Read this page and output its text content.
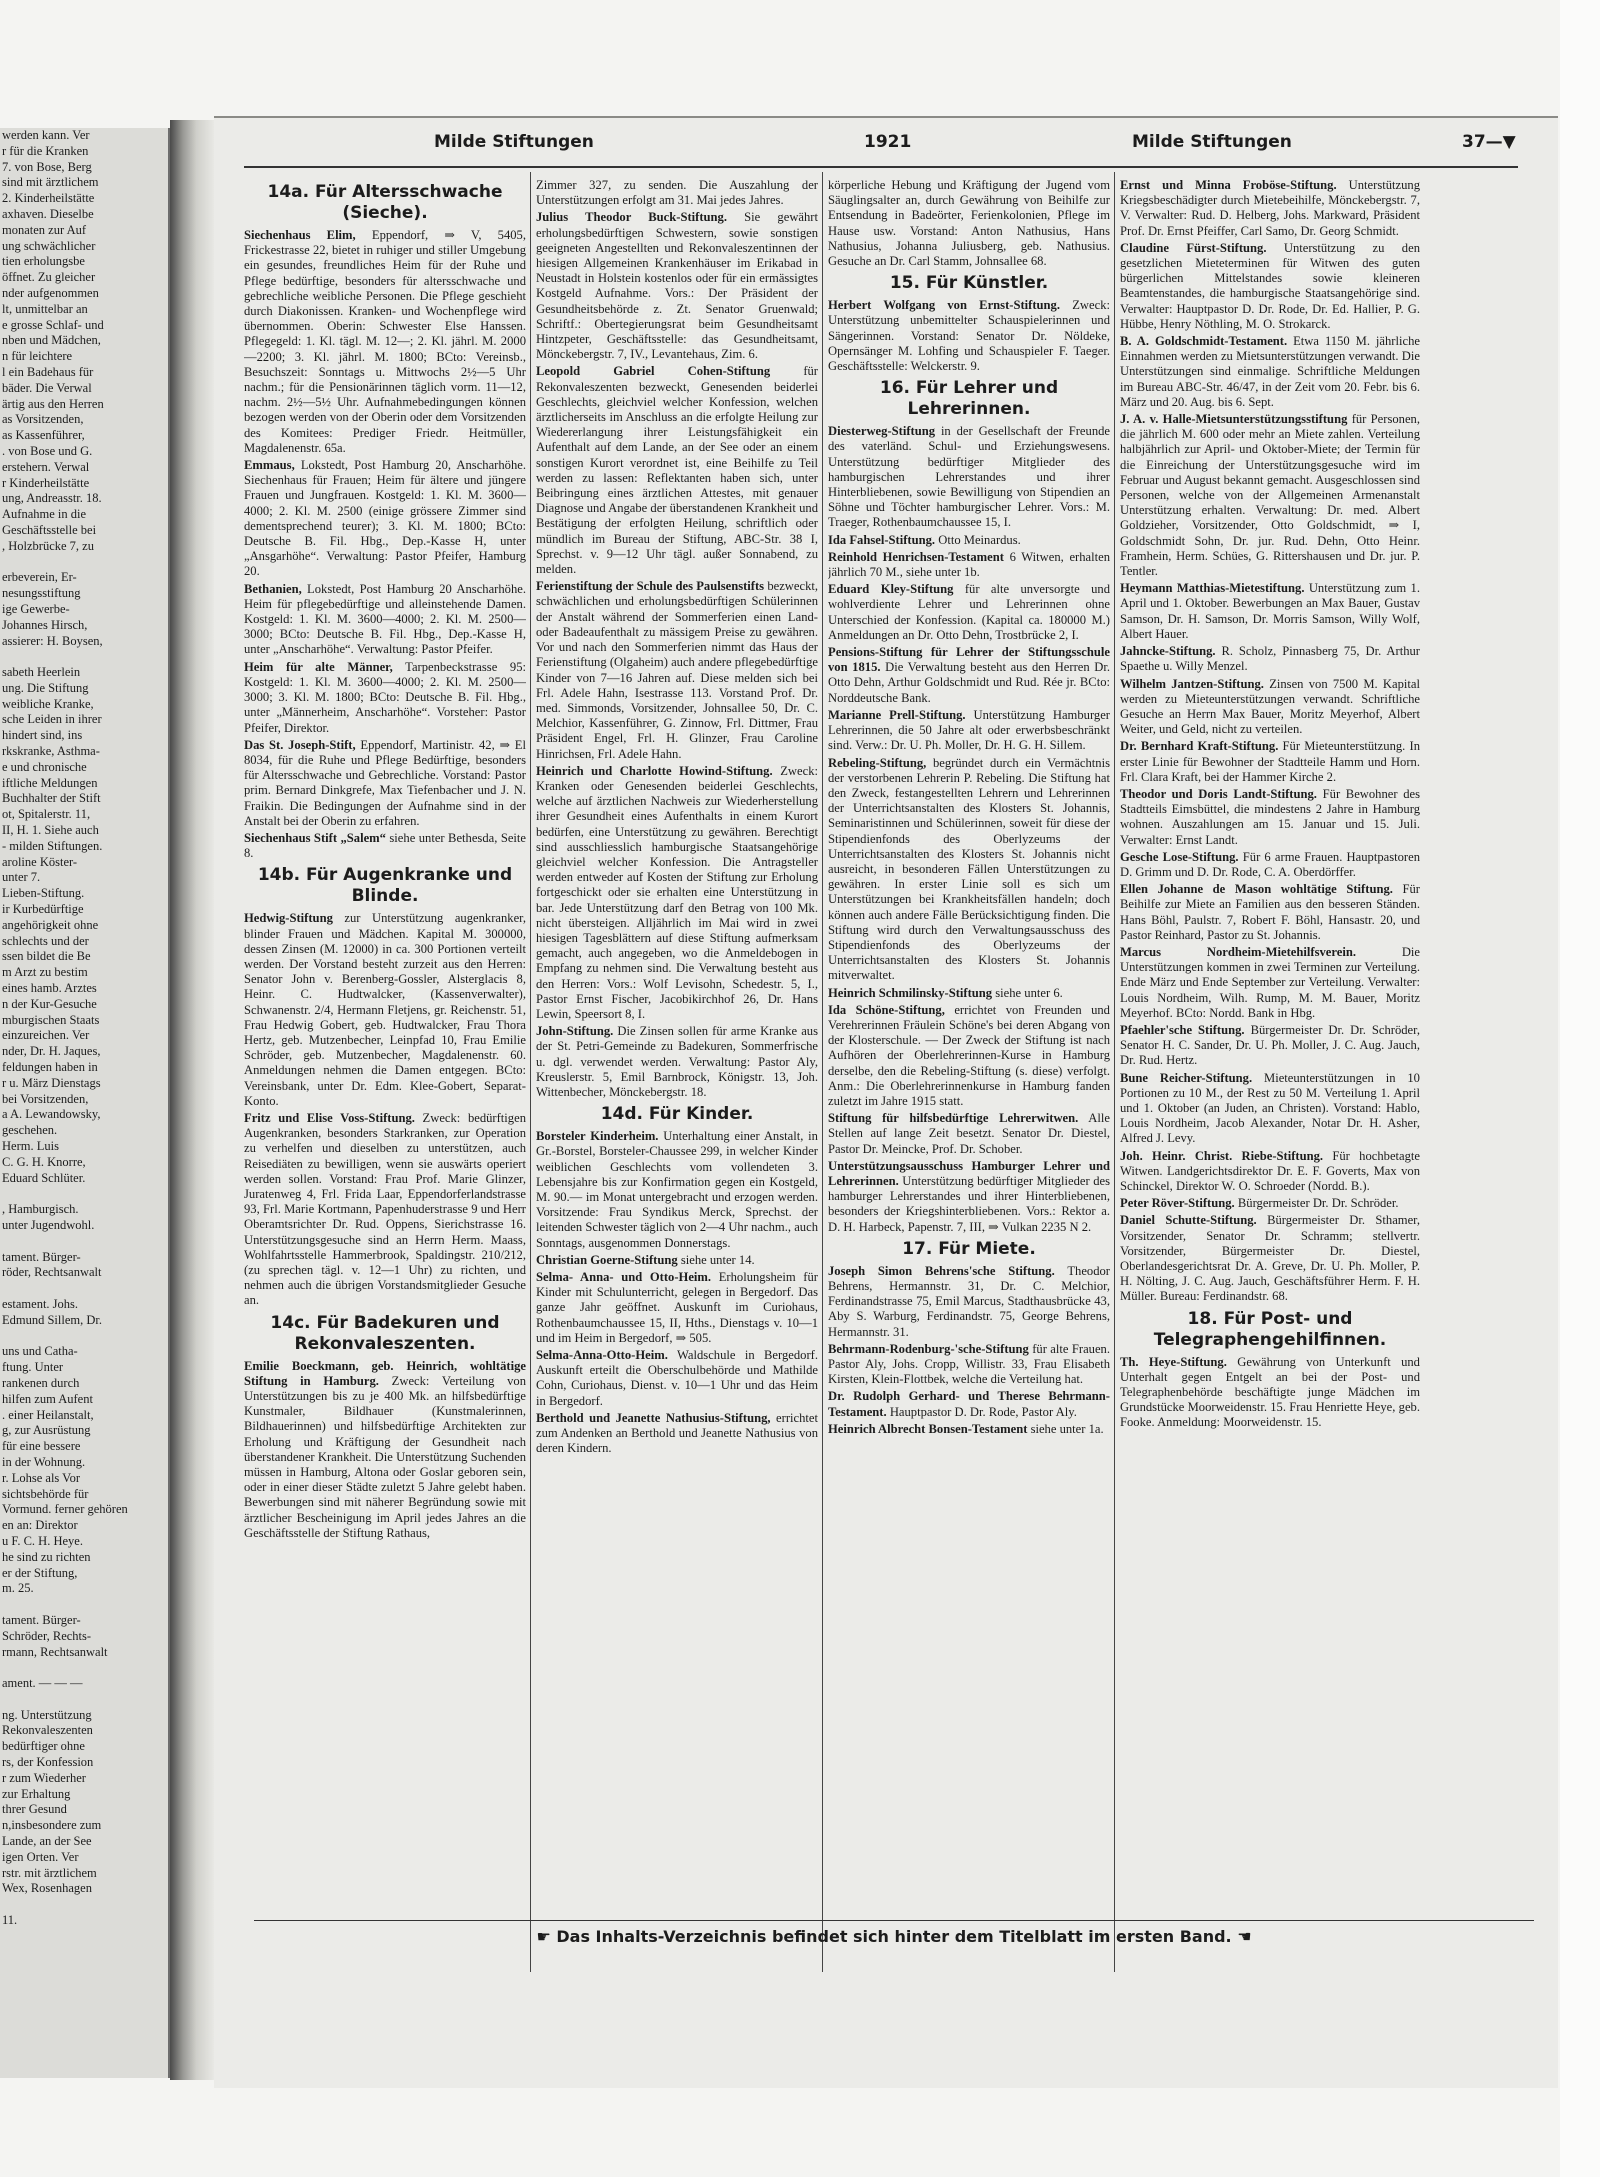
werden kann. Ver
r für die Kranken
7. von Bose, Berg
sind mit ärztlichem
2. Kinderheilstätte
axhaven. Dieselbe
monaten zur Auf
ung schwächlicher
tien erholungsbe
öffnet. Zu gleicher
nder aufgenommen
lt, unmittelbar an
e grosse Schlaf- und
nben und Mädchen,
n für leichtere
l ein Badehaus für
bäder. Die Verwal
ärtig aus den Herren
as Vorsitzenden,
as Kassenführer,
. von Bose und G.
erstehern. Verwal
r Kinderheilstätte
ung, Andreasstr. 18.
Aufnahme in die
Geschäftsstelle bei
, Holzbrücke 7, zu

erbeverein, Er-
nesungsstiftung
ige Gewerbe-
Johannes Hirsch,
assierer: H. Boysen,

sabeth Heerlein
ung. Die Stiftung
weibliche Kranke,
sche Leiden in ihrer
hindert sind, ins
rkskranke, Asthma-
e und chronische
iftliche Meldungen
Buchhalter der Stift
ot, Spitalerstr. 11,
II, H. 1. Siehe auch
- milden Stiftungen.
aroline Köster-
unter 7.
Lieben-Stiftung.
ir Kurbedürftige
angehörigkeit ohne
schlechts und der
ssen bildet die Be
m Arzt zu bestim
eines hamb. Arztes
n der Kur-Gesuche
mburgischen Staats
einzureichen. Ver
nder, Dr. H. Jaques,
feldungen haben in
r u. März Dienstags
bei Vorsitzenden,
a A. Lewandowsky,
geschehen.
Herm. Luis
C. G. H. Knorre,
Eduard Schlüter.

, Hamburgisch.
unter Jugendwohl.

tament. Bürger-
röder, Rechtsanwalt

estament. Johs.
Edmund Sillem, Dr.

uns und Catha-
ftung. Unter
rankenen durch
hilfen zum Aufent
. einer Heilanstalt,
g, zur Ausrüstung
für eine bessere
in der Wohnung.
r. Lohse als Vor
sichtsbehörde für
Vormund. ferner gehören
en an: Direktor
u F. C. H. Heye.
he sind zu richten
er der Stiftung,
m. 25.

tament. Bürger-
Schröder, Rechts-
rmann, Rechtsanwalt

ament. — — —

ng. Unterstützung
Rekonvaleszenten
bedürftiger ohne
rs, der Konfession
r zum Wiederher
zur Erhaltung
threr Gesund
n,insbesondere zum
Lande, an der See
igen Orten. Ver
rstr. mit ärztlichem
Wex, Rosenhagen

11.
Milde Stiftungen	1921	Milde Stiftungen	37—▼
14a. Für Altersschwache (Sieche).

Siechenhaus Elim, Eppendorf, ⇒ V, 5405, Frickestrasse 22, bietet in ruhiger und stiller Umgebung ein gesundes, freundliches Heim für der Ruhe und Pflege bedürftige, besonders für altersschwache und gebrechliche weibliche Personen. Die Pflege geschieht durch Diakonissen. Kranken- und Wochenpflege wird übernommen. Oberin: Schwester Else Hanssen. Pflegegeld: 1. Kl. tägl. M. 12—; 2. Kl. jährl. M. 2000—2200; 3. Kl. jährl. M. 1800; BCto: Vereinsb., Besuchszeit: Sonntags u. Mittwochs 2½—5 Uhr nachm.; für die Pensionärinnen täglich vorm. 11—12, nachm. 2½—5½ Uhr. Aufnahmebedingungen können bezogen werden von der Oberin oder dem Vorsitzenden des Komitees: Prediger Friedr. Heitmüller, Magdalenenstr. 65a.

Emmaus, Lokstedt, Post Hamburg 20, Anscharhöhe. Siechenhaus für Frauen; Heim für ältere und jüngere Frauen und Jungfrauen. Kostgeld: 1. Kl. M. 3600—4000; 2. Kl. M. 2500 (einige grössere Zimmer sind dementsprechend teurer); 3. Kl. M. 1800; BCto: Deutsche B. Fil. Hbg., Dep.-Kasse H, unter „Ansgarhöhe“. Verwaltung: Pastor Pfeifer, Hamburg 20.

Bethanien, Lokstedt, Post Hamburg 20 Anscharhöhe. Heim für pflegebedürftige und alleinstehende Damen. Kostgeld: 1. Kl. M. 3600—4000; 2. Kl. M. 2500—3000; BCto: Deutsche B. Fil. Hbg., Dep.-Kasse H, unter „Anscharhöhe“. Verwaltung: Pastor Pfeifer.

Heim für alte Männer, Tarpenbeckstrasse 95: Kostgeld: 1. Kl. M. 3600—4000; 2. Kl. M. 2500—3000; 3. Kl. M. 1800; BCto: Deutsche B. Fil. Hbg., unter „Männerheim, Anscharhöhe“. Vorsteher: Pastor Pfeifer, Direktor.

Das St. Joseph-Stift, Eppendorf, Martinistr. 42, ⇒ El 8034, für die Ruhe und Pflege Bedürftige, besonders für Altersschwache und Gebrechliche. Vorstand: Pastor prim. Bernard Dinkgrefe, Max Tiefenbacher und J. N. Fraikin. Die Bedingungen der Aufnahme sind in der Anstalt bei der Oberin zu erfahren.

Siechenhaus Stift „Salem“ siehe unter Bethesda, Seite 8.

14b. Für Augenkranke und Blinde.

Hedwig-Stiftung zur Unterstützung augenkranker, blinder Frauen und Mädchen. Kapital M. 300000, dessen Zinsen (M. 12000) in ca. 300 Portionen verteilt werden. Der Vorstand besteht zurzeit aus den Herren: Senator John v. Berenberg-Gossler, Alsterglacis 8, Heinr. C. Hudtwalcker, (Kassenverwalter), Schwanenstr. 2/4, Hermann Fletjens, gr. Reichenstr. 51, Frau Hedwig Gobert, geb. Hudtwalcker, Frau Thora Hertz, geb. Mutzenbecher, Leinpfad 10, Frau Emilie Schröder, geb. Mutzenbecher, Magdalenenstr. 60. Anmeldungen nehmen die Damen entgegen. BCto: Vereinsbank, unter Dr. Edm. Klee-Gobert, Separat-Konto.

Fritz und Elise Voss-Stiftung. Zweck: bedürftigen Augenkranken, besonders Starkranken, zur Operation zu verhelfen und dieselben zu unterstützen, auch Reisediäten zu bewilligen, wenn sie auswärts operiert werden sollen. Vorstand: Frau Prof. Marie Glinzer, Juratenweg 4, Frl. Frida Laar, Eppendorferlandstrasse 93, Frl. Marie Kortmann, Papenhuderstrasse 9 und Herr Oberamtsrichter Dr. Rud. Oppens, Sierichstrasse 16. Unterstützungsgesuche sind an Herrn Herm. Maass, Wohlfahrtsstelle Hammerbrook, Spaldingstr. 210/212, (zu sprechen tägl. v. 12—1 Uhr) zu richten, und nehmen auch die übrigen Vorstandsmitglieder Gesuche an.

14c. Für Badekuren und Rekonvaleszenten.

Emilie Boeckmann, geb. Heinrich, wohltätige Stiftung in Hamburg. Zweck: Verteilung von Unterstützungen bis zu je 400 Mk. an hilfsbedürftige Kunstmaler, Bildhauer (Kunstmalerinnen, Bildhauerinnen) und hilfsbedürftige Architekten zur Erholung und Kräftigung der Gesundheit nach überstandener Krankheit. Die Unterstützung Suchenden müssen in Hamburg, Altona oder Goslar geboren sein, oder in einer dieser Städte zuletzt 5 Jahre gelebt haben. Bewerbungen sind mit näherer Begründung sowie mit ärztlicher Bescheinigung im April jedes Jahres an die Geschäftsstelle der Stiftung Rathaus,

Zimmer 327, zu senden. Die Auszahlung der Unterstützungen erfolgt am 31. Mai jedes Jahres.

Julius Theodor Buck-Stiftung. Sie gewährt erholungsbedürftigen Schwestern, sowie sonstigen geeigneten Angestellten und Rekonvaleszentinnen der hiesigen Allgemeinen Krankenhäuser im Erikabad in Neustadt in Holstein kostenlos oder für ein ermässigtes Kostgeld Aufnahme. Vors.: Der Präsident der Gesundheitsbehörde z. Zt. Senator Gruenwald; Schriftf.: Obertegierungsrat beim Gesundheitsamt Hintzpeter, Geschäftsstelle: das Gesundheitsamt, Mönckebergstr. 7, IV., Levantehaus, Zim. 6.

Leopold Gabriel Cohen-Stiftung	für Rekonvaleszenten bezweckt, Genesenden beiderlei Geschlechts, gleichviel welcher Konfession, welchen ärztlicherseits im Anschluss an die erfolgte Heilung zur Wiedererlangung ihrer Leistungsfähigkeit ein Aufenthalt auf dem Lande, an der See oder an einem sonstigen Kurort verordnet ist, eine Beihilfe zu Teil werden zu lassen: Reflektanten haben sich, unter Beibringung eines ärztlichen Attestes, mit genauer Diagnose und Angabe der überstandenen Krankheit und Bestätigung der erfolgten Heilung, schriftlich oder mündlich im Bureau der Stiftung, ABC-Str. 38 I, Sprechst. v. 9—12 Uhr tägl. außer Sonnabend, zu melden.

Ferienstiftung der Schule des Paulsenstifts bezweckt, schwächlichen und erholungsbedürftigen Schülerinnen der Anstalt während der Sommerferien einen Land- oder Badeaufenthalt zu mässigem Preise zu gewähren. Vor und nach den Sommerferien nimmt das Haus der Ferienstiftung (Olgaheim) auch andere pflegebedürftige Kinder von 7—16 Jahren auf. Diese melden sich bei Frl. Adele Hahn, Isestrasse 113. Vorstand Prof. Dr. med. Simmonds, Vorsitzender, Johnsallee 50, Dr. C. Melchior, Kassenführer, G. Zinnow, Frl. Dittmer, Frau Präsident Engel, Frl. H. Glinzer, Frau Caroline Hinrichsen, Frl. Adele Hahn.

Heinrich und Charlotte Howind-Stiftung. Zweck: Kranken oder Genesenden beiderlei Geschlechts, welche auf ärztlichen Nachweis zur Wiederherstellung ihrer Gesundheit eines Aufenthalts in einem Kurort bedürfen, eine Unterstützung zu gewähren. Berechtigt sind ausschliesslich hamburgische Staatsangehörige gleichviel welcher Konfession. Die Antragsteller werden entweder auf Kosten der Stiftung zur Erholung fortgeschickt oder sie erhalten eine Unterstützung in bar. Jede Unterstützung darf den Betrag von 100 Mk. nicht übersteigen. Alljährlich im Mai wird in zwei hiesigen Tagesblättern auf diese Stiftung aufmerksam gemacht, auch angegeben, wo die Anmeldebogen in Empfang zu nehmen sind. Die Verwaltung besteht aus den Herren: Vors.: Wolf Levisohn, Schedestr. 5, I., Pastor Ernst Fischer, Jacobikirchhof 26, Dr. Hans Lewin, Speersort 8, I.

John-Stiftung. Die Zinsen sollen für arme Kranke aus der St. Petri-Gemeinde zu Badekuren, Sommerfrische u. dgl. verwendet werden. Verwaltung: Pastor Aly, Kreuslerstr. 5, Emil Barnbrock, Königstr. 13, Joh. Wittenbecher, Mönckebergstr. 18.

14d. Für Kinder.

Borsteler Kinderheim. Unterhaltung einer Anstalt, in Gr.-Borstel, Borsteler-Chaussee 299, in welcher Kinder weiblichen Geschlechts vom vollendeten 3. Lebensjahre bis zur Konfirmation gegen ein Kostgeld, M. 90.— im Monat untergebracht und erzogen werden. Vorsitzende: Frau Syndikus Merck, Sprechst. der leitenden Schwester täglich von 2—4 Uhr nachm., auch Sonntags, ausgenommen Donnerstags.

Christian Goerne-Stiftung siehe unter 14.

Selma- Anna- und Otto-Heim. Erholungsheim für Kinder mit Schulunterricht, gelegen in Bergedorf. Das ganze Jahr geöffnet. Auskunft im Curiohaus, Rothenbaumchaussee 15, II, Hths., Dienstags v. 10—1 und im Heim in Bergedorf, ⇒ 505.

Selma-Anna-Otto-Heim. Waldschule in Bergedorf. Auskunft erteilt die Oberschulbehörde und Mathilde Cohn, Curiohaus, Dienst. v. 10—1 Uhr und das Heim in Bergedorf.

Berthold und Jeanette Nathusius-Stiftung, errichtet zum Andenken an Berthold und Jeanette Nathusius von deren Kindern.

körperliche Hebung und Kräftigung der Jugend vom Säuglingsalter an, durch Gewährung von Beihilfe zur Entsendung in Badeörter, Ferienkolonien, Pflege im Hause usw. Vorstand: Anton Nathusius, Hans Nathusius, Johanna Juliusberg, geb. Nathusius. Gesuche an Dr. Carl Stamm, Johnsallee 68.

15. Für Künstler.

Herbert Wolfgang von Ernst-Stiftung. Zweck: Unterstützung unbemittelter Schauspielerinnen und Sängerinnen. Vorstand: Senator Dr. Nöldeke, Opernsänger M. Lohfing und Schauspieler F. Taeger. Geschäftsstelle: Welckerstr. 9.

16. Für Lehrer und Lehrerinnen.

Diesterweg-Stiftung in der Gesellschaft der Freunde des vaterländ. Schul- und Erziehungswesens. Unterstützung bedürftiger Mitglieder des hamburgischen Lehrerstandes und ihrer Hinterbliebenen, sowie Bewilligung von Stipendien an Söhne und Töchter hamburgischer Lehrer. Vors.: M. Traeger, Rothenbaumchaussee 15, I.

Ida Fahsel-Stiftung. Otto Meinardus.

Reinhold Henrichsen-Testament 6 Witwen, erhalten jährlich 70 M., siehe unter 1b.

Eduard Kley-Stiftung für alte unversorgte und wohlverdiente Lehrer und Lehrerinnen ohne Unterschied der Konfession. (Kapital ca. 180000 M.) Anmeldungen an Dr. Otto Dehn, Trostbrücke 2, I.

Pensions-Stiftung für Lehrer der Stiftungsschule von 1815. Die Verwaltung besteht aus den Herren Dr. Otto Dehn, Arthur Goldschmidt und Rud. Rée jr. BCto: Norddeutsche Bank.

Marianne Prell-Stiftung. Unterstützung Hamburger Lehrerinnen, die 50 Jahre alt oder erwerbsbeschränkt sind. Verw.: Dr. U. Ph. Moller, Dr. H. G. H. Sillem.

Rebeling-Stiftung, begründet durch ein Vermächtnis der verstorbenen Lehrerin P. Rebeling. Die Stiftung hat den Zweck, festangestellten Lehrern und Lehrerinnen der Unterrichtsanstalten des Klosters St. Johannis, Seminaristinnen und Schülerinnen, soweit für diese der Stipendienfonds des Oberlyzeums der Unterrichtsanstalten des Klosters St. Johannis nicht ausreicht, in besonderen Fällen Unterstützungen zu gewähren. In erster Linie soll es sich um Unterstützungen bei Krankheitsfällen handeln; doch können auch andere Fälle Berücksichtigung finden. Die Stiftung wird durch den Verwaltungsausschuss des Stipendienfonds des Oberlyzeums der Unterrichtsanstalten des Klosters St. Johannis mitverwaltet.

Heinrich Schmilinsky-Stiftung siehe unter 6.

Ida Schöne-Stiftung, errichtet von Freunden und Verehrerinnen Fräulein Schöne's bei deren Abgang von der Klosterschule. — Der Zweck der Stiftung ist nach Aufhören der Oberlehrerinnen-Kurse in Hamburg derselbe, den die Rebeling-Stiftung (s. diese) verfolgt. Anm.: Die Oberlehrerinnenkurse in Hamburg fanden zuletzt im Jahre 1915 statt.

Stiftung für hilfsbedürftige Lehrerwitwen. Alle Stellen auf lange Zeit besetzt. Senator Dr. Diestel, Pastor Dr. Meincke, Prof. Dr. Schober.

Unterstützungsausschuss Hamburger Lehrer und Lehrerinnen. Unterstützung bedürftiger Mitglieder des hamburger Lehrerstandes und ihrer Hinterbliebenen, besonders der Kriegshinterbliebenen. Vors.: Rektor a. D. H. Harbeck, Papenstr. 7, III, ⇒ Vulkan 2235 N 2.

17. Für Miete.

Joseph Simon Behrens'sche Stiftung. Theodor Behrens, Hermannstr. 31, Dr. C. Melchior, Ferdinandstrasse 75, Emil Marcus, Stadthausbrücke 43, Aby S. Warburg, Ferdinandstr. 75, George Behrens, Hermannstr. 31.

Behrmann-Rodenburg-'sche-Stiftung für alte Frauen. Pastor Aly, Johs. Cropp, Willistr. 33, Frau Elisabeth Kirsten, Klein-Flottbek, welche die Verteilung hat.

Dr. Rudolph Gerhard- und Therese Behrmann-Testament. Hauptpastor D. Dr. Rode, Pastor Aly.

Heinrich Albrecht Bonsen-Testament siehe unter 1a.

Ernst und Minna Froböse-Stiftung. Unterstützung Kriegsbeschädigter durch Mietebeihilfe, Mönckebergstr. 7, V. Verwalter: Rud. D. Helberg, Johs. Markward, Präsident Prof. Dr. Ernst Pfeiffer, Carl Samo, Dr. Georg Schmidt.

Claudine Fürst-Stiftung. Unterstützung zu den gesetzlichen Mieteterminen für Witwen des guten bürgerlichen Mittelstandes sowie kleineren Beamtenstandes, die hamburgische Staatsangehörige sind. Verwalter: Hauptpastor D. Dr. Rode, Dr. Ed. Hallier, P. G. Hübbe, Henry Nöthling, M. O. Strokarck.

B. A. Goldschmidt-Testament. Etwa 1150 M. jährliche Einnahmen werden zu Mietsunterstützungen verwandt. Die Unterstützungen sind einmalige. Schriftliche Meldungen im Bureau ABC-Str. 46/47, in der Zeit vom 20. Febr. bis 6. März und 20. Aug. bis 6. Sept.

J. A. v. Halle-Mietsunterstützungsstiftung für Personen, die jährlich M. 600 oder mehr an Miete zahlen. Verteilung halbjährlich zur April- und Oktober-Miete; der Termin für die Einreichung der Unterstützungsgesuche wird im Februar und August bekannt gemacht. Ausgeschlossen sind Personen, welche von der Allgemeinen Armenanstalt Unterstützung erhalten. Verwaltung: Dr. med. Albert Goldzieher, Vorsitzender, Otto Goldschmidt, ⇒ I, Goldschmidt Sohn, Dr. jur. Rud. Dehn, Otto Heinr. Framhein, Herm. Schües, G. Rittershausen und Dr. jur. P. Tentler.

Heymann Matthias-Mietestiftung. Unterstützung zum 1. April und 1. Oktober. Bewerbungen an Max Bauer, Gustav Samson, Dr. H. Samson, Dr. Morris Samson, Willy Wolf, Albert Hauer.

Jahncke-Stiftung. R. Scholz, Pinnasberg 75, Dr. Arthur Spaethe u. Willy Menzel.

Wilhelm Jantzen-Stiftung. Zinsen von 7500 M. Kapital werden zu Mieteunterstützungen verwandt. Schriftliche Gesuche an Herrn Max Bauer, Moritz Meyerhof, Albert Weiter, und Geld, nicht zu verteilen.

Dr. Bernhard Kraft-Stiftung. Für Mieteunterstützung. In erster Linie für Bewohner der Stadtteile Hamm und Horn. Frl. Clara Kraft, bei der Hammer Kirche 2.

Theodor und Doris Landt-Stiftung. Für Bewohner des Stadtteils Eimsbüttel, die mindestens 2 Jahre in Hamburg wohnen. Auszahlungen am 15. Januar und 15. Juli. Verwalter: Ernst Landt.

Gesche Lose-Stiftung. Für 6 arme Frauen. Hauptpastoren D. Grimm und D. Dr. Rode, C. A. Oberdörffer.

Ellen Johanne de Mason wohltätige Stiftung. Für Beihilfe zur Miete an Familien aus den besseren Ständen. Hans Böhl, Paulstr. 7, Robert F. Böhl, Hansastr. 20, und Pastor Reinhard, Pastor zu St. Johannis.

Marcus Nordheim-Mietehilfsverein.	Die Unterstützungen kommen in zwei Terminen zur Verteilung. Ende März und Ende September zur Verteilung. Verwalter: Louis Nordheim, Wilh. Rump, M. M. Bauer, Moritz Meyerhof. BCto: Nordd. Bank in Hbg.

Pfaehler'sche Stiftung. Bürgermeister Dr. Dr. Schröder, Senator H. C. Sander, Dr. U. Ph. Moller, J. C. Aug. Jauch, Dr. Rud. Hertz.

Bune Reicher-Stiftung. Mieteunterstützungen in 10 Portionen zu 10 M., der Rest zu 50 M. Verteilung 1. April und 1. Oktober (an Juden, an Christen). Vorstand: Hablo, Louis Nordheim, Jacob Alexander, Notar Dr. H. Asher, Alfred J. Levy.

Joh. Heinr. Christ. Riebe-Stiftung. Für hochbetagte Witwen. Landgerichtsdirektor Dr. E. F. Goverts, Max von Schinckel, Direktor W. O. Schroeder (Nordd. B.).

Peter Röver-Stiftung. Bürgermeister Dr. Dr. Schröder.

Daniel Schutte-Stiftung. Bürgermeister Dr. Sthamer, Vorsitzender, Senator Dr. Schramm; stellvertr. Vorsitzender, Bürgermeister Dr. Diestel, Oberlandesgerichtsrat Dr. A. Greve, Dr. U. Ph. Moller, P. H. Nölting, J. C. Aug. Jauch, Geschäftsführer Herm. F. H. Müller. Bureau: Ferdinandstr. 68.

18. Für Post- und Telegraphengehilfinnen.

Th. Heye-Stiftung. Gewährung von Unterkunft und Unterhalt gegen Entgelt an bei der Post- und Telegraphenbehörde beschäftigte junge Mädchen im Grundstücke Moorweidenstr. 15. Frau Henriette Heye, geb. Fooke. Anmeldung: Moorweidenstr. 15.

☛ Das Inhalts-Verzeichnis befindet sich hinter dem Titelblatt im ersten Band. ☚
